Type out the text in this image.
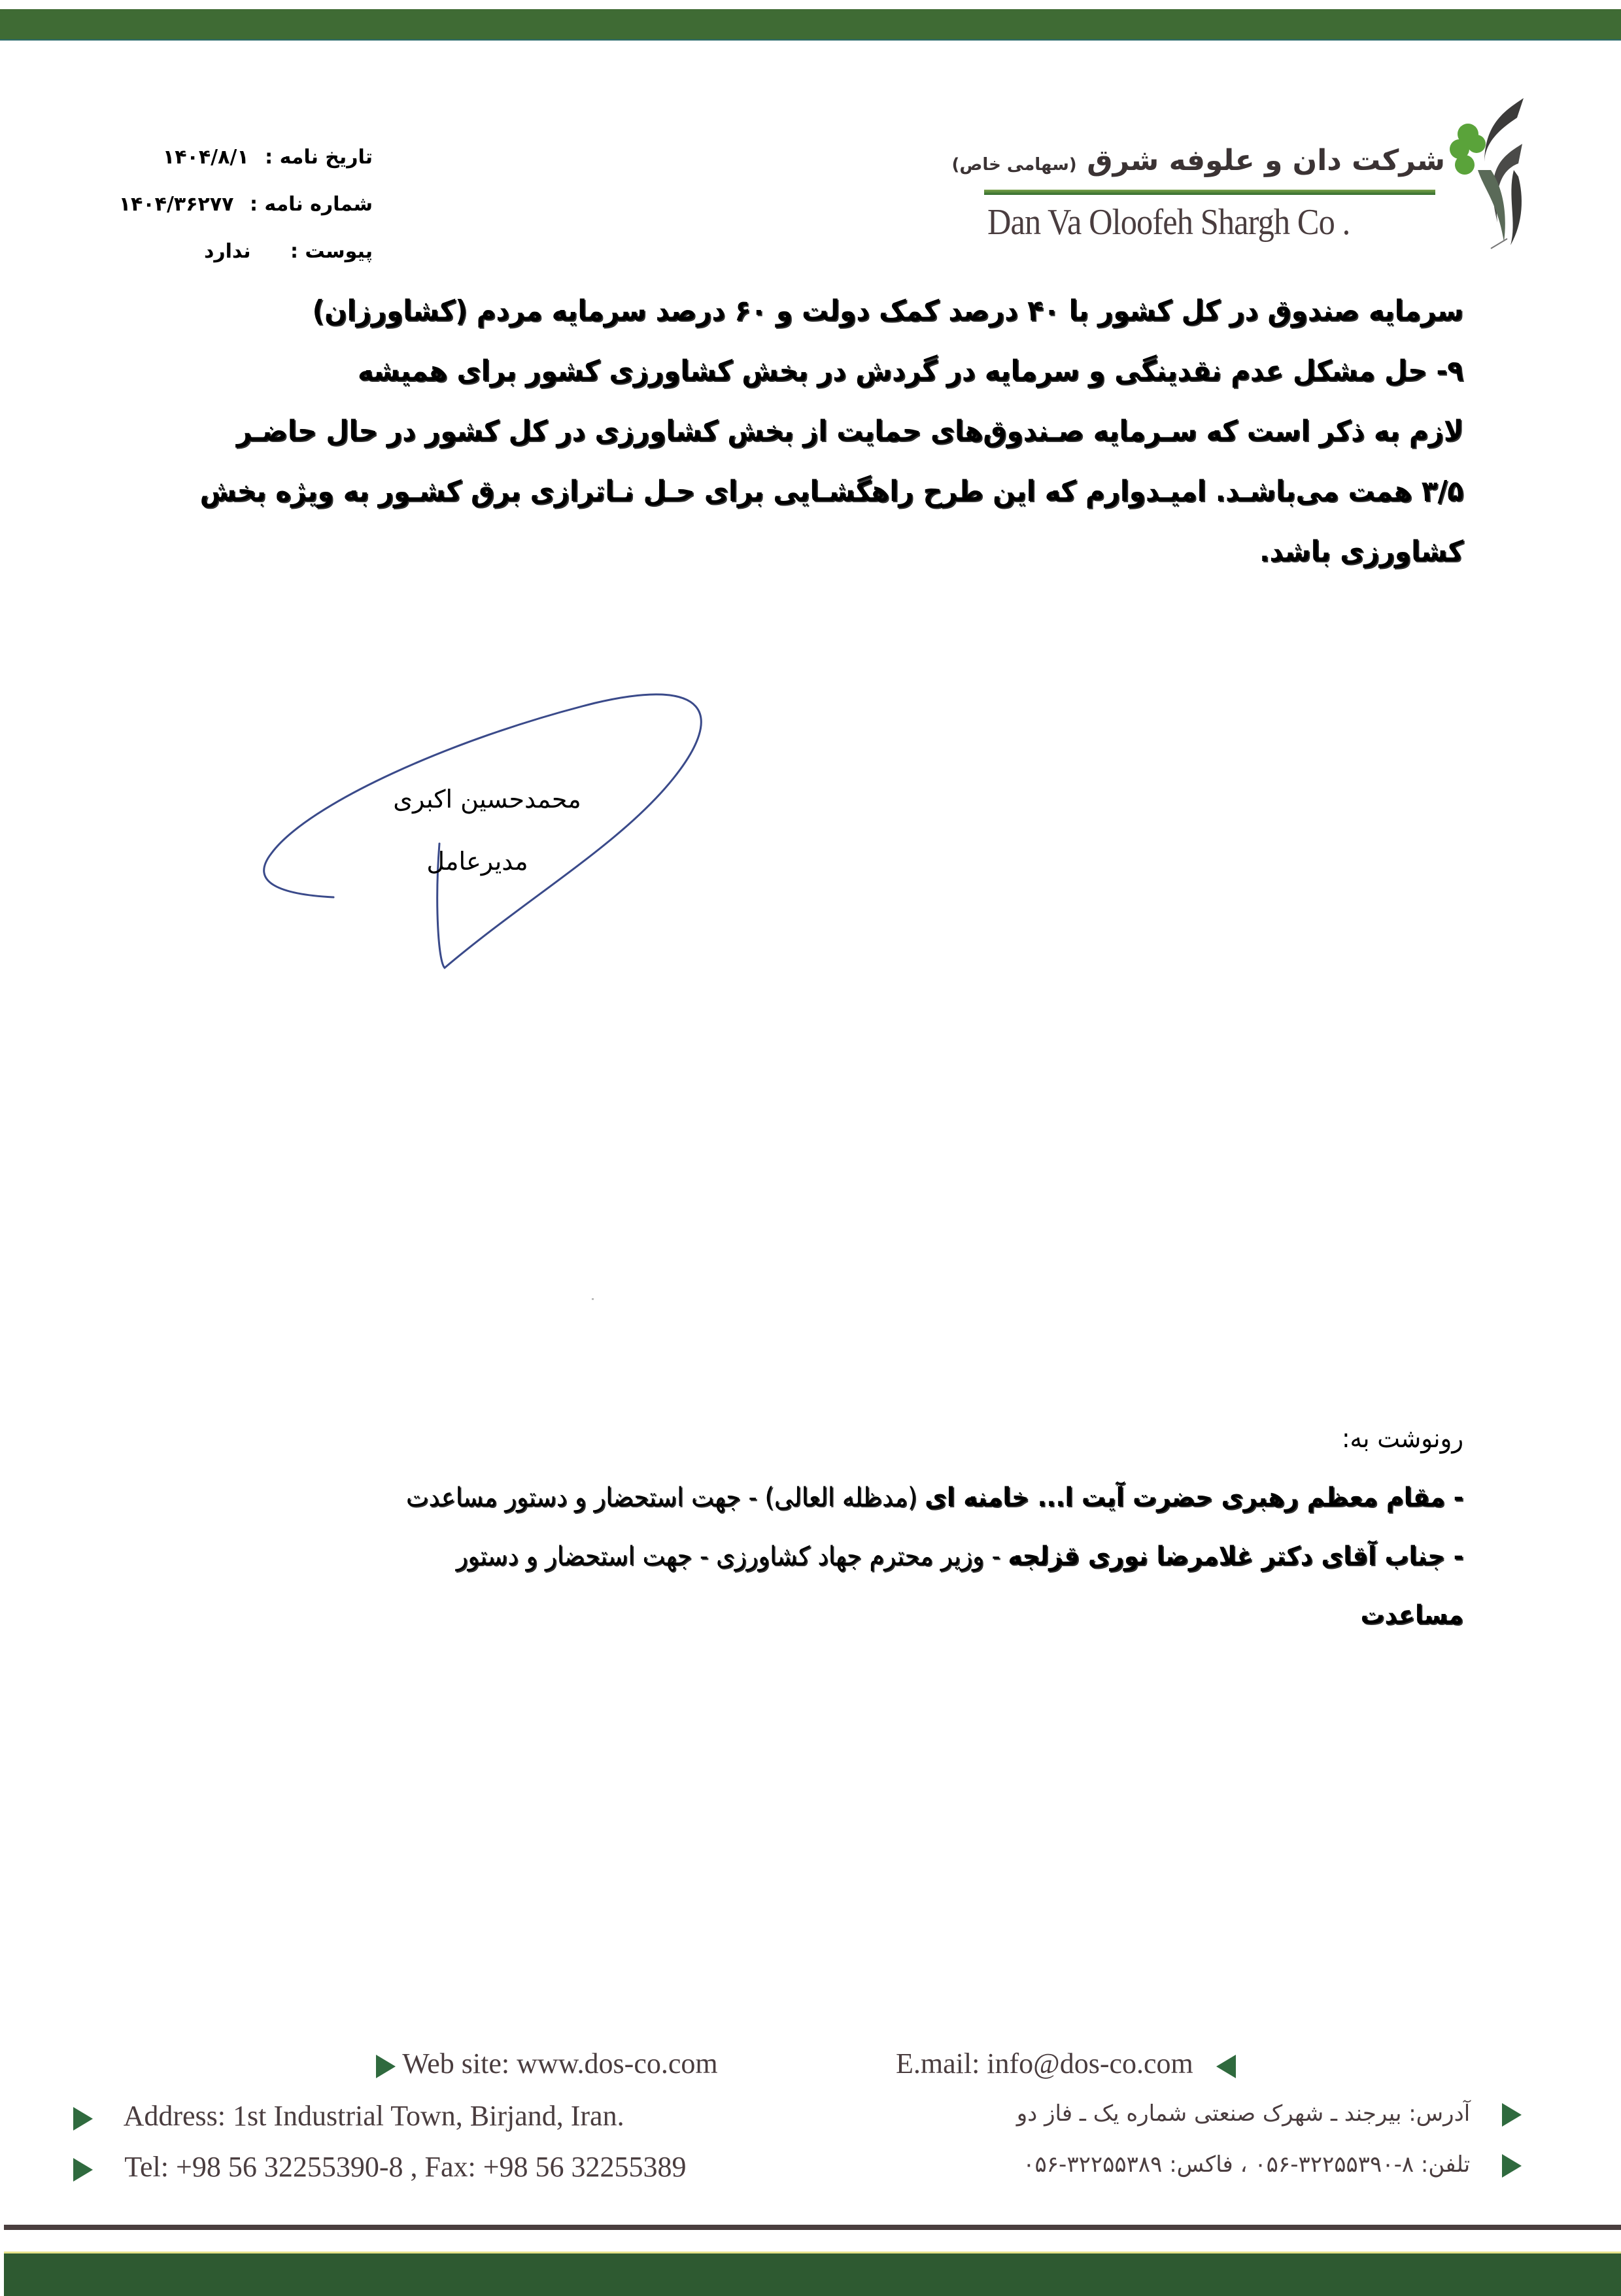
شرکت دان و علوفه شرق (سهامی خاص)
Dan Va Oloofeh Shargh Co .
تاریخ نامه : ۱۴۰۴/۸/۱
شماره نامه : ۱۴۰۴/۳۶۲۷۷
پیوست : ندارد
سرمایه صندوق در کل کشور با ۴۰ درصد کمک دولت و ۶۰ درصد سرمایه مردم (کشاورزان)
۹- حل مشکل عدم نقدینگی و سرمایه در گردش در بخش کشاورزی کشور برای همیشه
لازم به ذکر است که سـرمایه صـندوق‌های حمایت از بخش کشاورزی در کل کشور در حال حاضـر
۳/۵ همت می‌باشـد. امیـدوارم که این طرح راهگشـایی برای حـل نـاترازی برق کشـور به ویژه بخش
کشاورزی باشد.
محمدحسین اکبری
مدیرعامل
رونوشت به:
- مقام معظم رهبری حضرت آیت ا... خامنه ای (مدظله العالی) - جهت استحضار و دستور مساعدت
- جناب آقای دکتر غلامرضا نوری قزلجه - وزیر محترم جهاد کشاورزی - جهت استحضار و دستور
مساعدت
Web site: www.dos-co.com	E.mail: info@dos-co.com
Address: 1st Industrial Town, Birjand, Iran.
Tel: +98 56 32255390-8 , Fax: +98 56 32255389
آدرس: بیرجند ـ شهرک صنعتی شماره یک ـ فاز دو
تلفن: ۸-۳۲۲۵۵۳۹۰-۰۵۶ ، فاکس: ۳۲۲۵۵۳۸۹-۰۵۶
